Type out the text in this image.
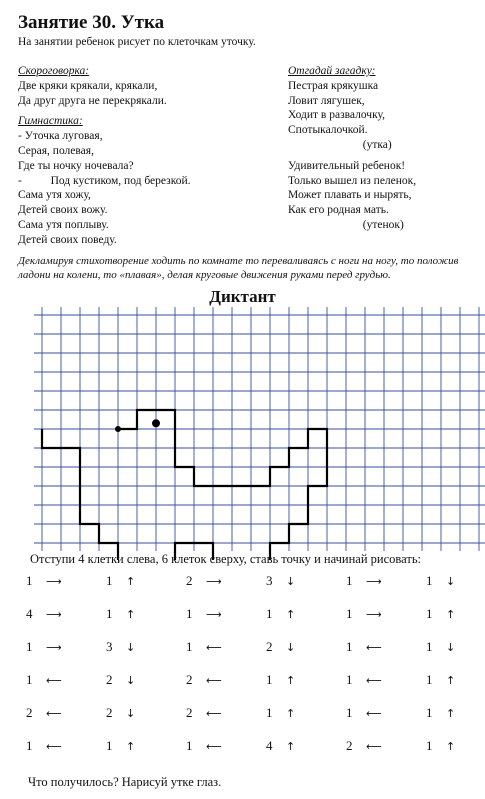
Занятие 30. Утка
На занятии ребенок рисует по клеточкам уточку.
Скороговорка:
Две кряки крякали, крякали,
Да друг друга не перекрякали.
Гимнастика:
- Уточка луговая,
Серая, полевая,
Где ты ночку ночевала?
-          Под кустиком, под березкой.
Сама утя хожу,
Детей своих вожу.
Сама утя поплыву.
Детей своих поведу.
Отгадай загадку:
Пестрая крякушка
Ловит лягушек,
Ходит в развалочку,
Спотыкалочкой.
(утка)
Удивительный ребенок!
Только вышел из пеленок,
Может плавать и нырять,
Как его родная мать.
(утенок)
Декламируя стихотворение ходить по комнате то переваливаясь с ноги на ногу, то положив ладони на колени, то «плавая», делая круговые движения руками перед грудью.
Диктант
Отступи 4 клетки слева, 6 клеток сверху, ставь точку и начинай рисовать:
1	⟶	1	↑	2	⟶	3	↓	1	⟶	1	↓
4	⟶	1	↑	1	⟶	1	↑	1	⟶	1	↑
1	⟶	3	↓	1	⟵	2	↓	1	⟵	1	↓
1	⟵	2	↓	2	⟵	1	↑	1	⟵	1	↑
2	⟵	2	↓	2	⟵	1	↑	1	⟵	1	↑
1	⟵	1	↑	1	⟵	4	↑	2	⟵	1	↑
Что получилось? Нарисуй утке глаз.
